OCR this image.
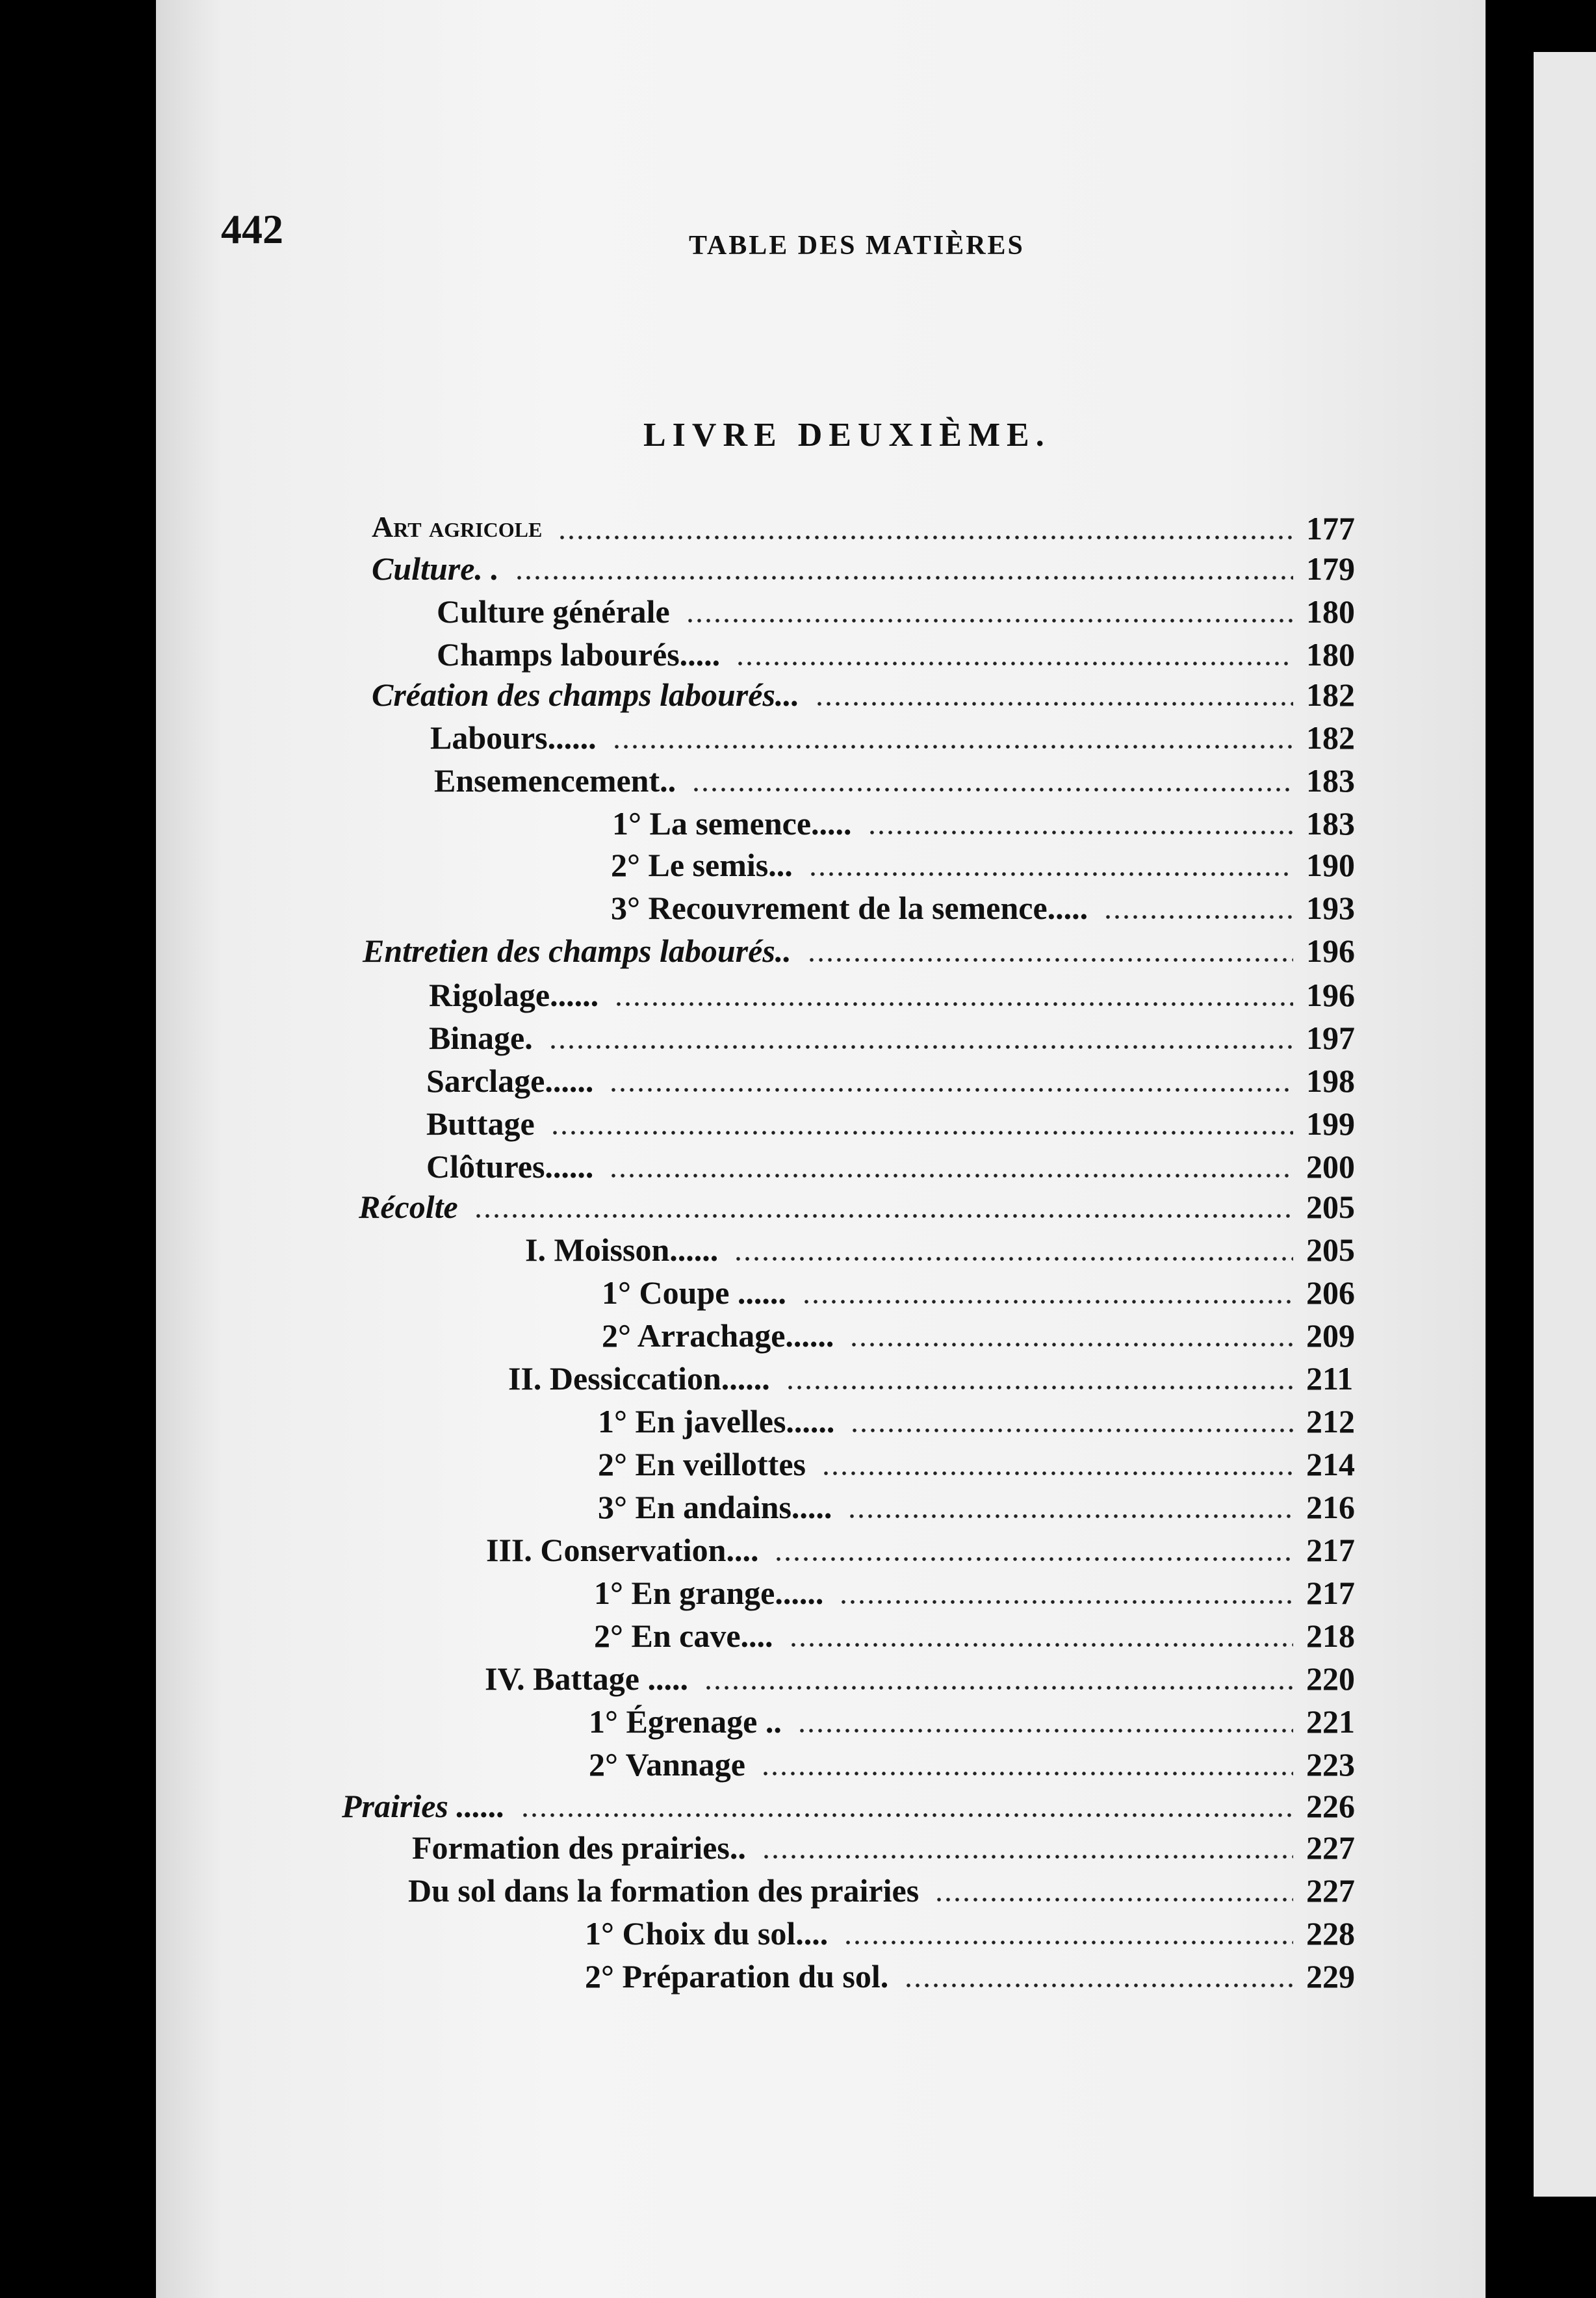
442	TABLE DES MATIÈRES
LIVRE DEUXIÈME.
Art agricole	177
Culture. .	179
Culture générale	180
Champs labourés.....	180
Création des champs labourés...	182
Labours......	182
Ensemencement..	183
1° La semence.....	183
2° Le semis...	190
3° Recouvrement de la semence.....	193
Entretien des champs labourés..	196
Rigolage......	196
Binage.	197
Sarclage......	198
Buttage	199
Clôtures......	200
Récolte	205
I. Moisson......	205
1° Coupe ......	206
2° Arrachage......	209
II. Dessiccation......	211
1° En javelles......	212
2° En veillottes	214
3° En andains.....	216
III. Conservation....	217
1° En grange......	217
2° En cave....	218
IV. Battage .....	220
1° Égrenage ..	221
2° Vannage	223
Prairies ......	226
Formation des prairies..	227
Du sol dans la formation des prairies	227
1° Choix du sol....	228
2° Préparation du sol.	229
